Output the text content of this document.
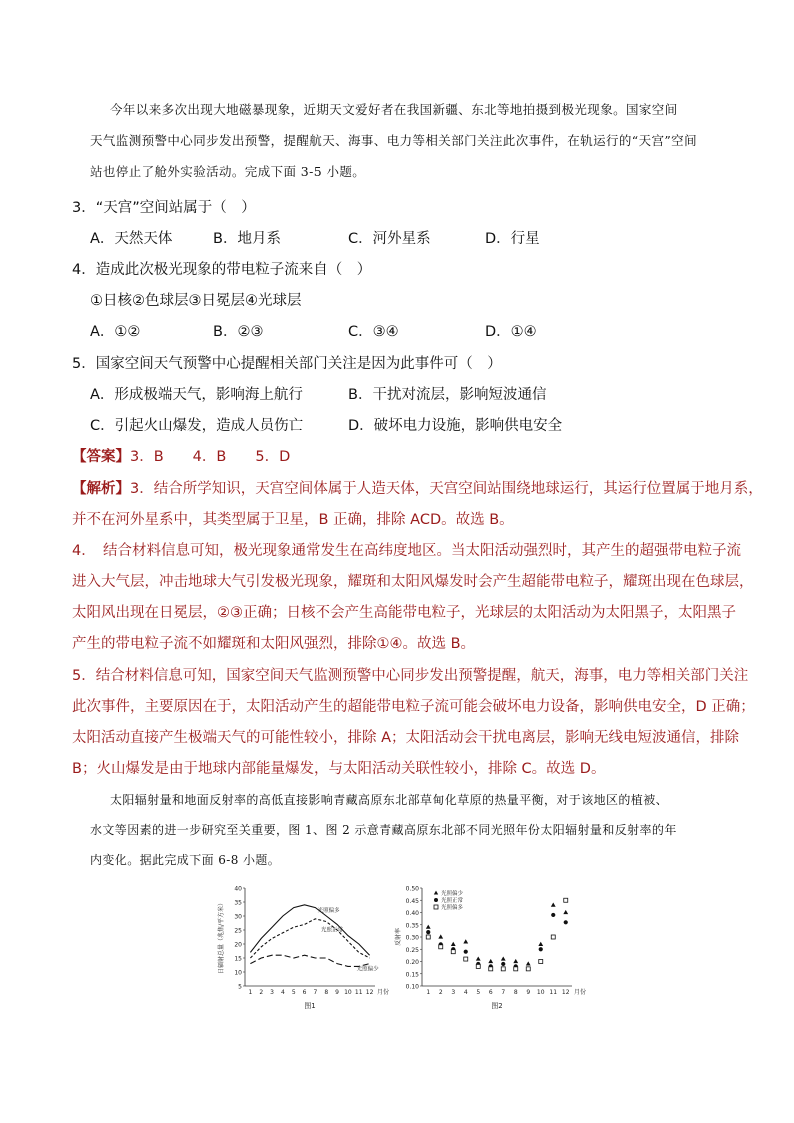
今年以来多次出现大地磁暴现象，近期天文爱好者在我国新疆、东北等地拍摄到极光现象。国家空间

天气监测预警中心同步发出预警，提醒航天、海事、电力等相关部门关注此次事件，在轨运行的“天宫”空间

站也停止了舱外实验活动。完成下面 3-5 小题。

3．“天宫”空间站属于（　）

A．天然天体	B．地月系	C．河外星系	D．行星

4．造成此次极光现象的带电粒子流来自（　）

①日核②色球层③日冕层④光球层

A．①②	B．②③	C．③④	D．①④

5．国家空间天气预警中心提醒相关部门关注是因为此事件可（　）

A．形成极端天气，影响海上航行	B．干扰对流层，影响短波通信
C．引起火山爆发，造成人员伤亡	D．破坏电力设施，影响供电安全

【答案】3．B　　4．B　　5．D

【解析】3．结合所学知识，天宫空间体属于人造天体，天宫空间站围绕地球运行，其运行位置属于地月系，

并不在河外星系中，其类型属于卫星，B 正确，排除 ACD。故选 B。

4．　结合材料信息可知，极光现象通常发生在高纬度地区。当太阳活动强烈时，其产生的超强带电粒子流

进入大气层，冲击地球大气引发极光现象，耀斑和太阳风爆发时会产生超能带电粒子，耀斑出现在色球层，

太阳风出现在日冕层，②③正确；日核不会产生高能带电粒子，光球层的太阳活动为太阳黑子，太阳黑子

产生的带电粒子流不如耀斑和太阳风强烈，排除①④。故选 B。

5．结合材料信息可知，国家空间天气监测预警中心同步发出预警提醒，航天，海事，电力等相关部门关注

此次事件，主要原因在于，太阳活动产生的超能带电粒子流可能会破坏电力设备，影响供电安全，D 正确；

太阳活动直接产生极端天气的可能性较小，排除 A；太阳活动会干扰电离层，影响无线电短波通信，排除

B；火山爆发是由于地球内部能量爆发，与太阳活动关联性较小，排除 C。故选 D。

太阳辐射量和地面反射率的高低直接影响青藏高原东北部草甸化草原的热量平衡，对于该地区的植被、

水文等因素的进一步研究至关重要，图 1、图 2 示意青藏高原东北部不同光照年份太阳辐射量和反射率的年

内变化。据此完成下面 6-8 小题。

5
10
15
20
25
30
35
40
1 2 3 4 5 6 7 8 9 10 11 12 月份
日辐射总量（兆焦/平方米）
图1
光照偏多
光照正常
光照偏少
0.10
0.15
0.20
0.25
0.30
0.35
0.40
0.45
0.50
1 2 3 4 5 6 7 8 9 10 11 12 月份
反射率
图2
光照偏少
光照正常
光照偏多
